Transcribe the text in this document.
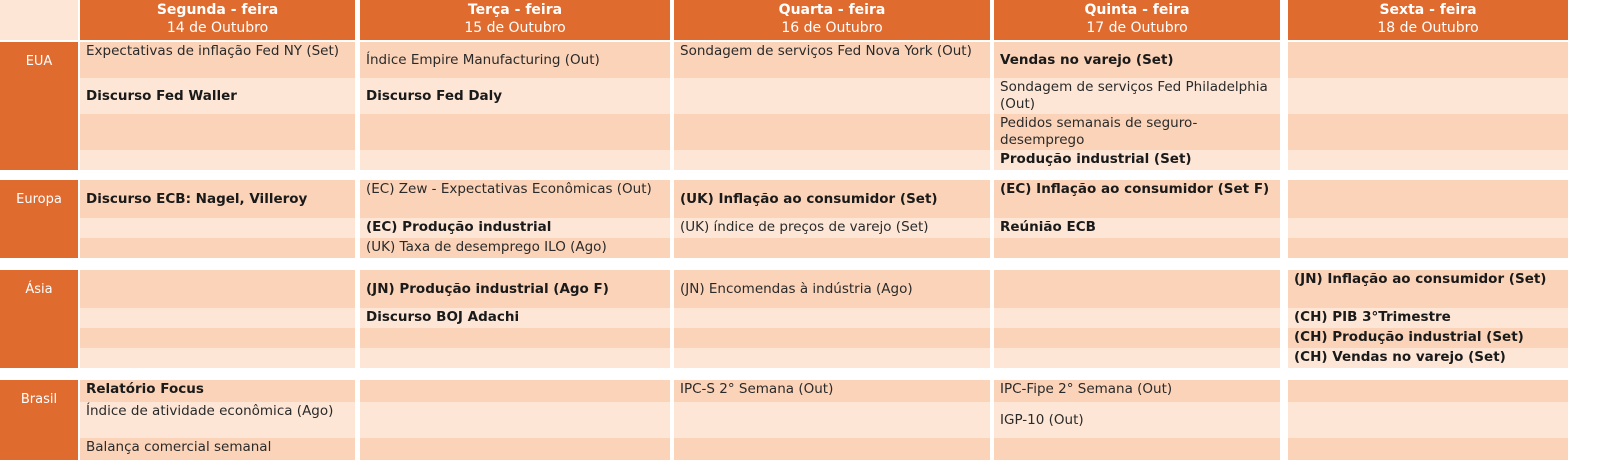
Segunda - feira
14 de Outubro
Terça - feira
15 de Outubro
Quarta - feira
16 de Outubro
Quinta - feira
17 de Outubro
Sexta - feira
18 de Outubro
EUA
Europa
Ásia
Brasil
Expectativas de inflação Fed NY (Set)
Discurso Fed Waller
Índice Empire Manufacturing (Out)
Discurso Fed Daly
Sondagem de serviços Fed Nova York (Out)
Vendas no varejo (Set)
Sondagem de serviços Fed Philadelphia (Out)
Pedidos semanais de seguro-desemprego
Produção industrial (Set)
Discurso ECB: Nagel, Villeroy
(EC) Zew - Expectativas Econômicas (Out)
(EC) Produção industrial
(UK) Taxa de desemprego ILO (Ago)
(UK) Inflação ao consumidor (Set)
(UK) índice de preços de varejo (Set)
(EC) Inflação ao consumidor (Set F)
Reúnião ECB
(JN) Produção industrial (Ago F)
Discurso BOJ Adachi
(JN) Encomendas à indústria (Ago)
(JN) Inflação ao consumidor (Set)
(CH) PIB 3°Trimestre
(CH) Produção industrial (Set)
(CH) Vendas no varejo (Set)
Relatório Focus
Índice de atividade econômica (Ago)
Balança comercial semanal
IPC-S 2° Semana (Out)	IPC-Fipe 2° Semana (Out)
IGP-10 (Out)
